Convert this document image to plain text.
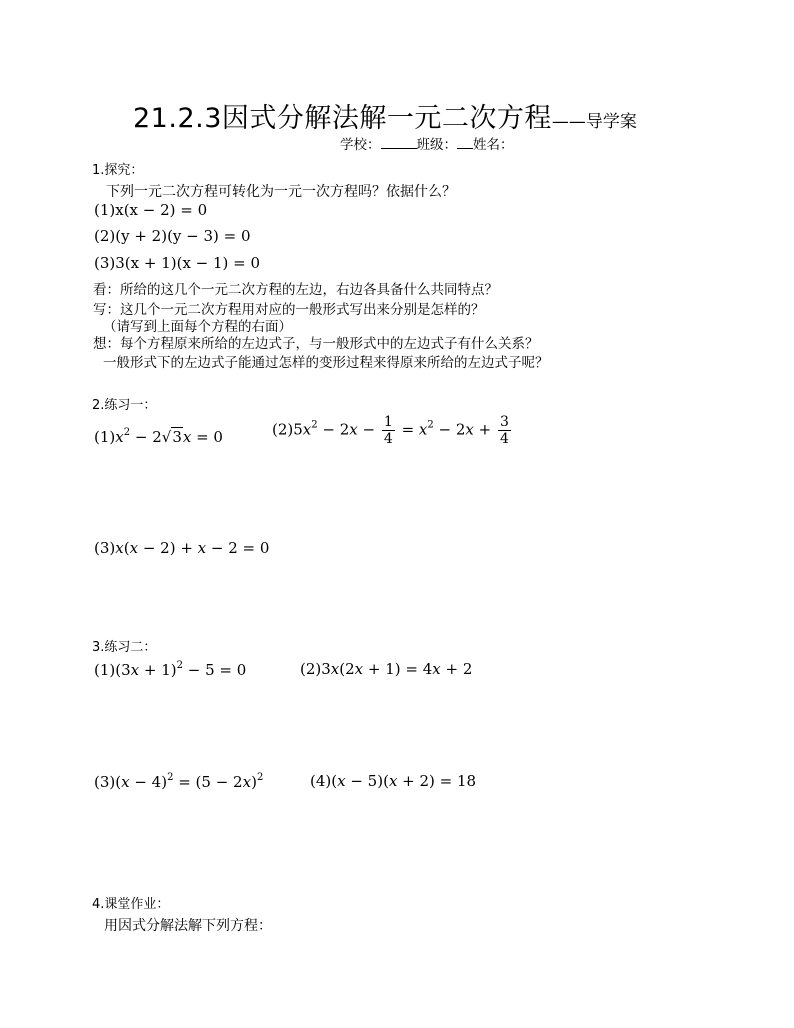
21.2.3因式分解法解一元二次方程——导学案
学校：	班级： 姓名：
1.探究：
下列一元二次方程可转化为一元一次方程吗？依据什么？
(1)x(x − 2) = 0
(2)(y + 2)(y − 3) = 0
(3)3(x + 1)(x − 1) = 0
看：所给的这几个一元二次方程的左边，右边各具备什么共同特点？
写：这几个一元二次方程用对应的一般形式写出来分别是怎样的？
（请写到上面每个方程的右面）
想：每个方程原来所给的左边式子，与一般形式中的左边式子有什么关系？
一般形式下的左边式子能通过怎样的变形过程来得原来所给的左边式子呢？
2.练习一：
$(1)x^2 - 2√3x = 0$	$(2)5x^2 - 2x - \frac{1}{4} = x^2 - 2x + \frac{3}{4}$
(3)x(x − 2) + x − 2 = 0
3.练习二：
$(1)(3x + 1)^2 - 5 = 0$	(2)3x(2x + 1) = 4x + 2
$(3)(x - 4)^2 = (5 - 2x)^2$	(4)(x − 5)(x + 2) = 18
4.课堂作业：
用因式分解法解下列方程：
